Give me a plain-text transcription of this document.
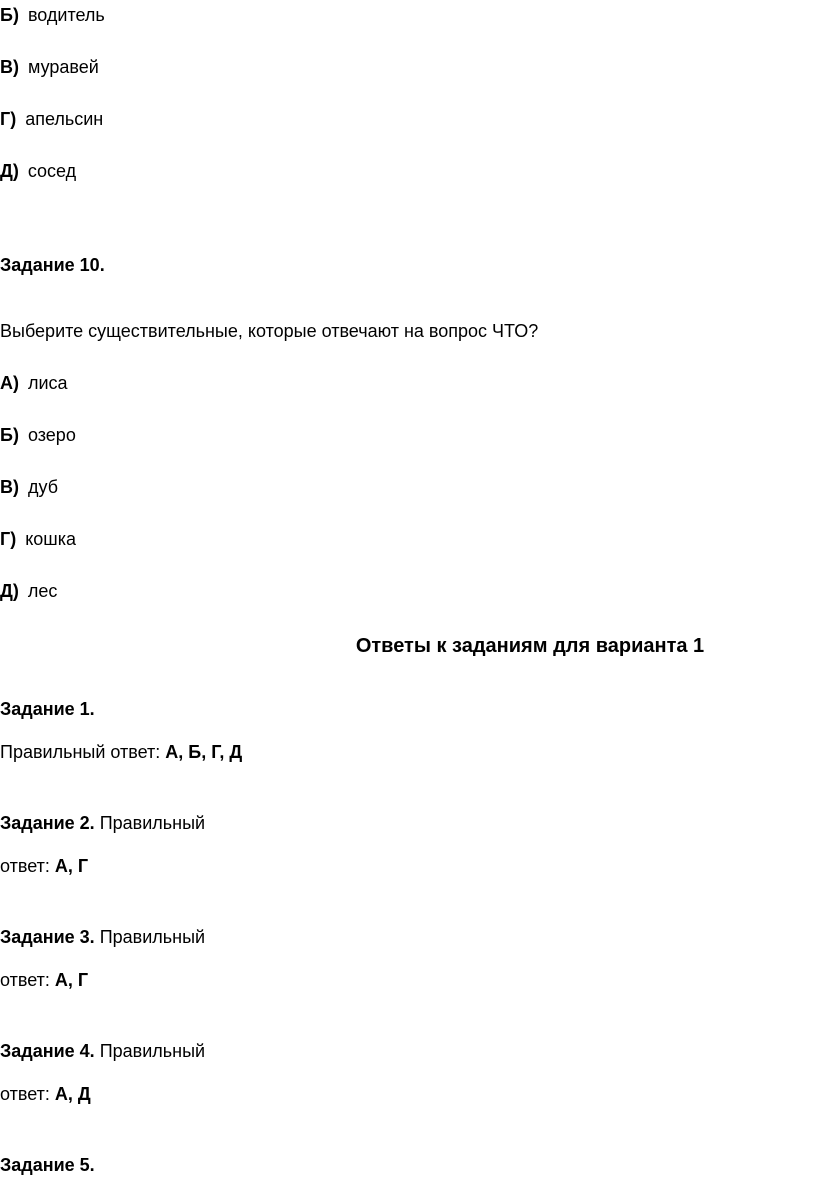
Б) водитель
В) муравей
Г) апельсин
Д) сосед
Задание 10.
Выберите существительные, которые отвечают на вопрос ЧТО?
А) лиса
Б) озеро
В) дуб
Г) кошка
Д) лес
Ответы к заданиям для варианта 1
Задание 1.
Правильный ответ: А, Б, Г, Д
Задание 2. Правильный
ответ: А, Г
Задание 3. Правильный
ответ: А, Г
Задание 4. Правильный
ответ: А, Д
Задание 5.
